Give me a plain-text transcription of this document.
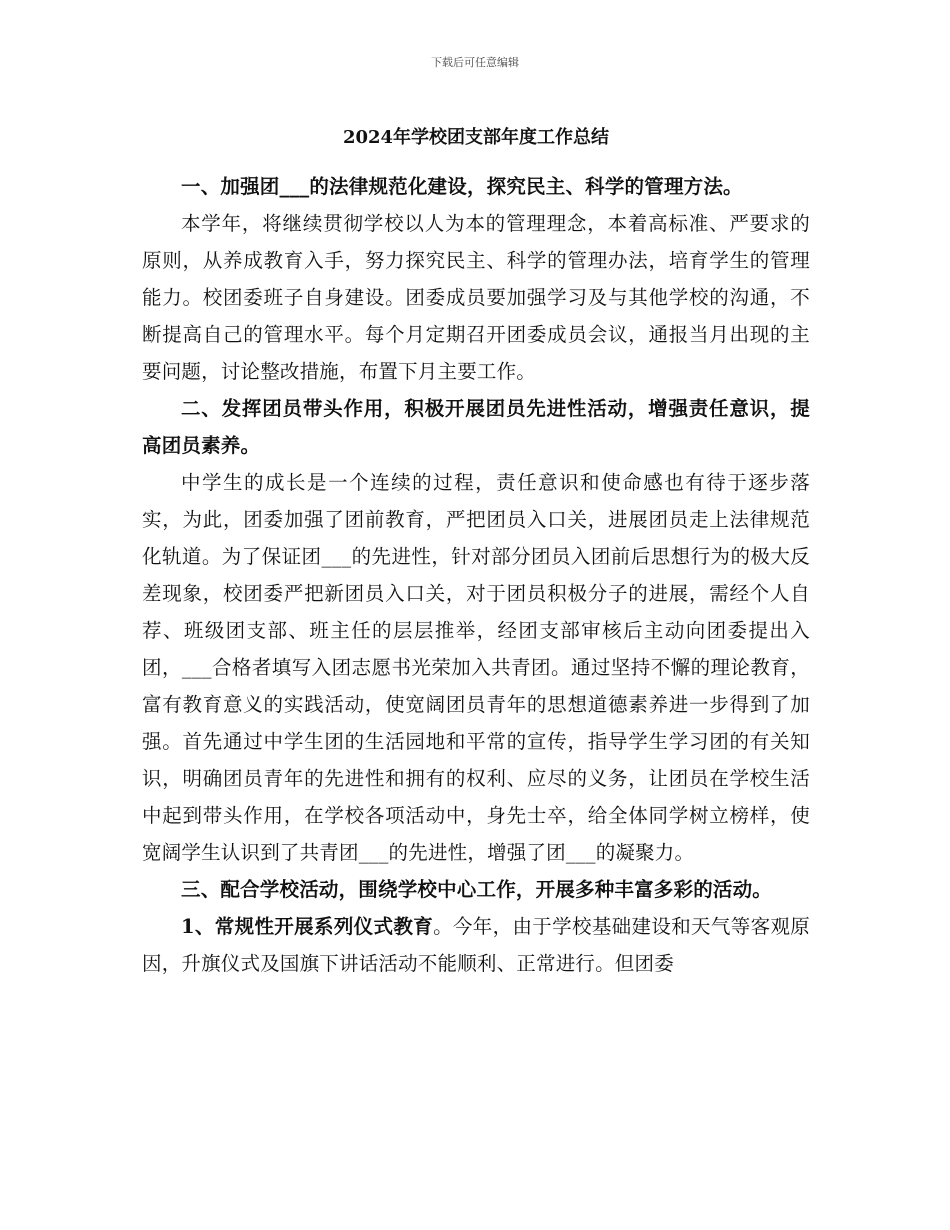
下载后可任意编辑
2024年学校团支部年度工作总结

一、加强团___的法律规范化建设，探究民主、科学的管理方法。

本学年，将继续贯彻学校以人为本的管理理念，本着高标准、严要求的原则，从养成教育入手，努力探究民主、科学的管理办法，培育学生的管理能力。校团委班子自身建设。团委成员要加强学习及与其他学校的沟通，不断提高自己的管理水平。每个月定期召开团委成员会议，通报当月出现的主要问题，讨论整改措施，布置下月主要工作。

二、发挥团员带头作用，积极开展团员先进性活动，增强责任意识，提高团员素养。

中学生的成长是一个连续的过程，责任意识和使命感也有待于逐步落实，为此，团委加强了团前教育，严把团员入口关，进展团员走上法律规范化轨道。为了保证团___的先进性，针对部分团员入团前后思想行为的极大反差现象，校团委严把新团员入口关，对于团员积极分子的进展，需经个人自荐、班级团支部、班主任的层层推举，经团支部审核后主动向团委提出入团，___合格者填写入团志愿书光荣加入共青团。通过坚持不懈的理论教育，富有教育意义的实践活动，使宽阔团员青年的思想道德素养进一步得到了加强。首先通过中学生团的生活园地和平常的宣传，指导学生学习团的有关知识，明确团员青年的先进性和拥有的权利、应尽的义务，让团员在学校生活中起到带头作用，在学校各项活动中，身先士卒，给全体同学树立榜样，使宽阔学生认识到了共青团___的先进性，增强了团___的凝聚力。

三、配合学校活动，围绕学校中心工作，开展多种丰富多彩的活动。

1、常规性开展系列仪式教育。今年，由于学校基础建设和天气等客观原因，升旗仪式及国旗下讲话活动不能顺利、正常进行。但团委
